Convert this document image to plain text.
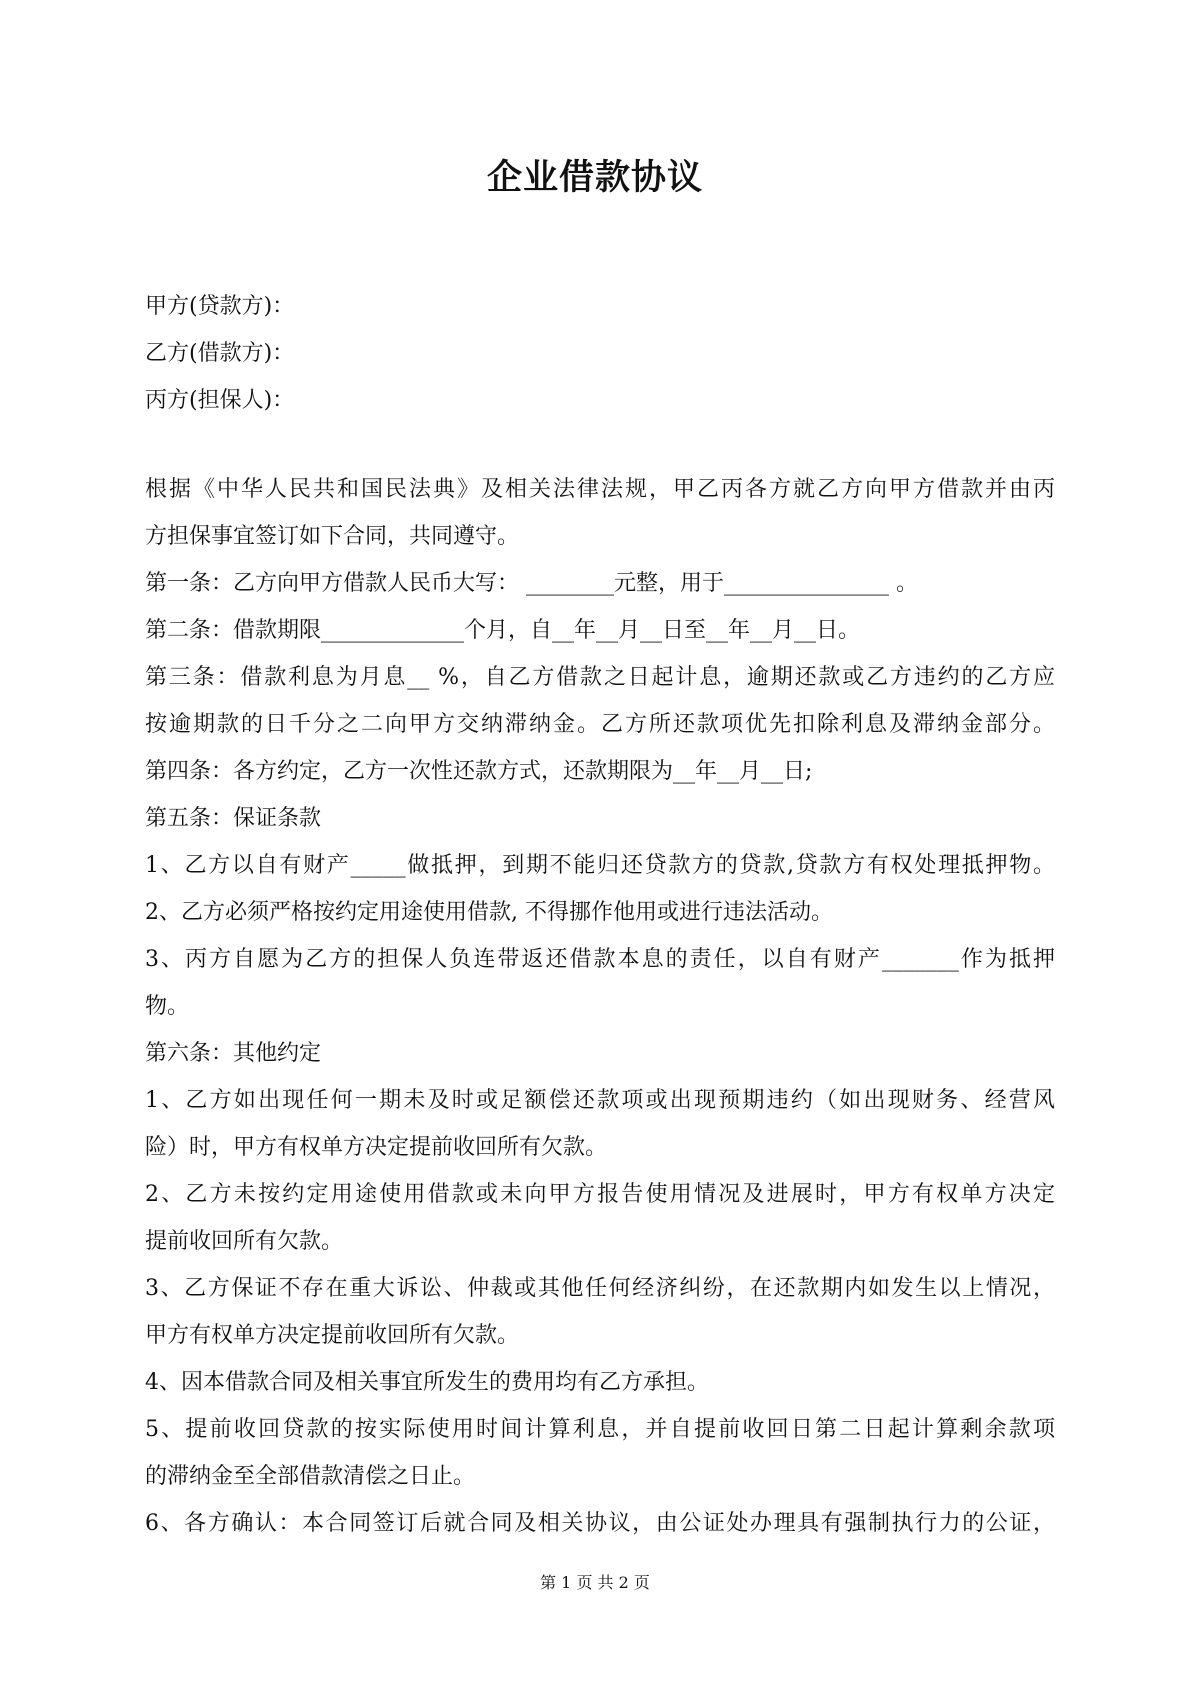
企业借款协议
甲方(贷款方)：
乙方(借款方)：
丙方(担保人)：
根据《中华人民共和国民法典》及相关法律法规，甲乙丙各方就乙方向甲方借款并由丙
方担保事宜签订如下合同，共同遵守。
第一条：乙方向甲方借款人民币大写： ________元整，用于_______________ 。
第二条：借款期限_____________个月，自__年__月__日至__年__月__日。
第三条：借款利息为月息__ %，自乙方借款之日起计息，逾期还款或乙方违约的乙方应
按逾期款的日千分之二向甲方交纳滞纳金。乙方所还款项优先扣除利息及滞纳金部分。
第四条：各方约定，乙方一次性还款方式，还款期限为__年__月__日;
第五条：保证条款
1、乙方以自有财产_____做抵押，到期不能归还贷款方的贷款,贷款方有权处理抵押物。
2、乙方必须严格按约定用途使用借款, 不得挪作他用或进行违法活动。
3、丙方自愿为乙方的担保人负连带返还借款本息的责任，以自有财产_______作为抵押
物。
第六条：其他约定
1、乙方如出现任何一期未及时或足额偿还款项或出现预期违约（如出现财务、经营风
险）时，甲方有权单方决定提前收回所有欠款。
2、乙方未按约定用途使用借款或未向甲方报告使用情况及进展时，甲方有权单方决定
提前收回所有欠款。
3、乙方保证不存在重大诉讼、仲裁或其他任何经济纠纷，在还款期内如发生以上情况，
甲方有权单方决定提前收回所有欠款。
4、因本借款合同及相关事宜所发生的费用均有乙方承担。
5、提前收回贷款的按实际使用时间计算利息，并自提前收回日第二日起计算剩余款项
的滞纳金至全部借款清偿之日止。
6、各方确认：本合同签订后就合同及相关协议，由公证处办理具有强制执行力的公证，
第 1 页 共 2 页
